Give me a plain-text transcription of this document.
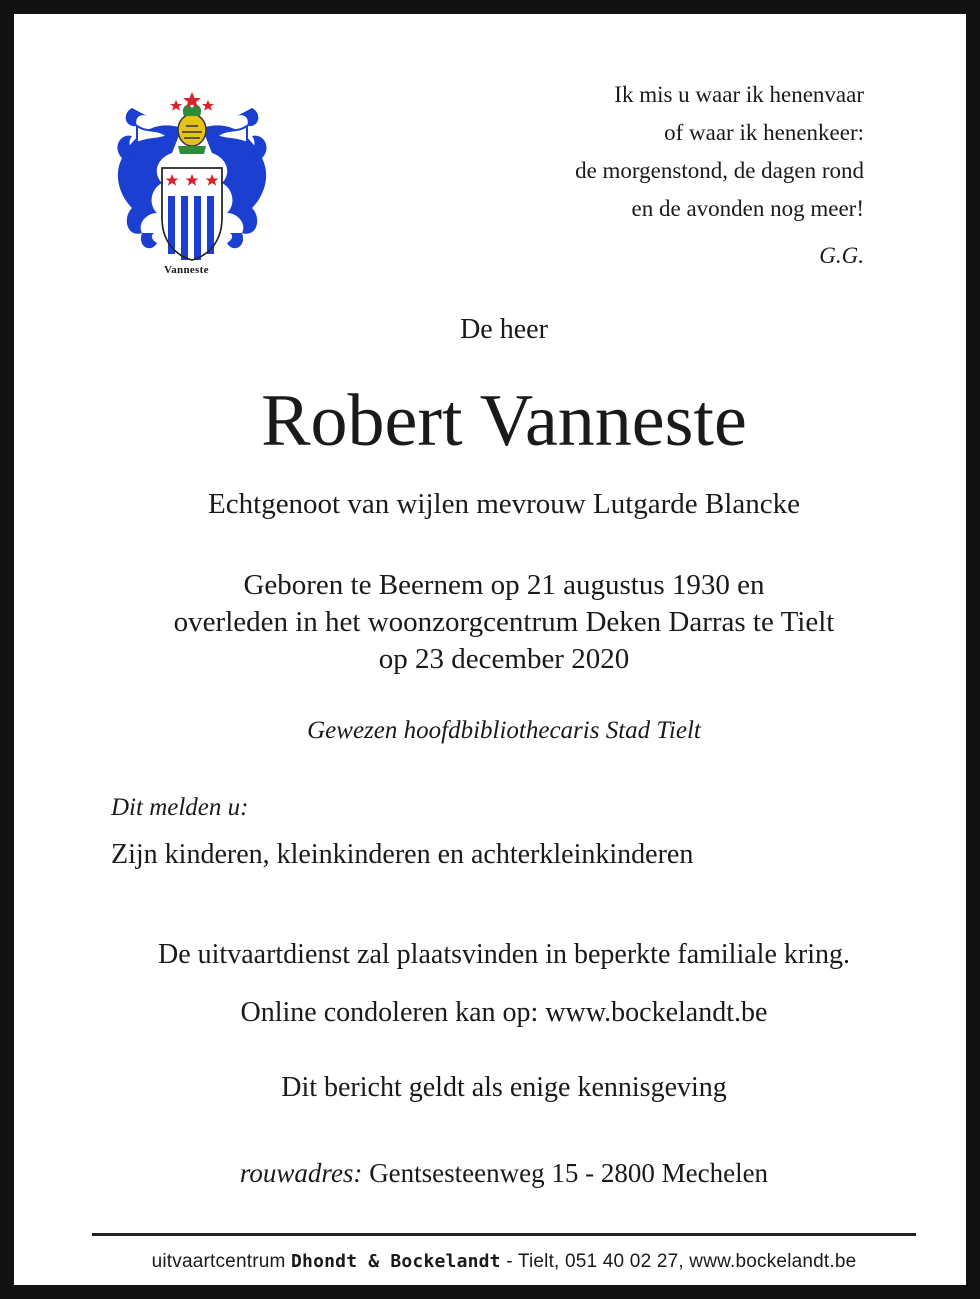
Vanneste
Ik mis u waar ik henenvaar
of waar ik henenkeer:
de morgenstond, de dagen rond
en de avonden nog meer!
G.G.
De heer
Robert Vanneste
Echtgenoot van wijlen mevrouw Lutgarde Blancke
Geboren te Beernem op 21 augustus 1930 en
overleden in het woonzorgcentrum Deken Darras te Tielt
op 23 december 2020
Gewezen hoofdbibliothecaris Stad Tielt
Dit melden u:
Zijn kinderen, kleinkinderen en achterkleinkinderen
De uitvaartdienst zal plaatsvinden in beperkte familiale kring.
Online condoleren kan op: www.bockelandt.be
Dit bericht geldt als enige kennisgeving
rouwadres: Gentsesteenweg 15 - 2800 Mechelen
uitvaartcentrum Dhondt & Bockelandt - Tielt, 051 40 02 27, www.bockelandt.be
